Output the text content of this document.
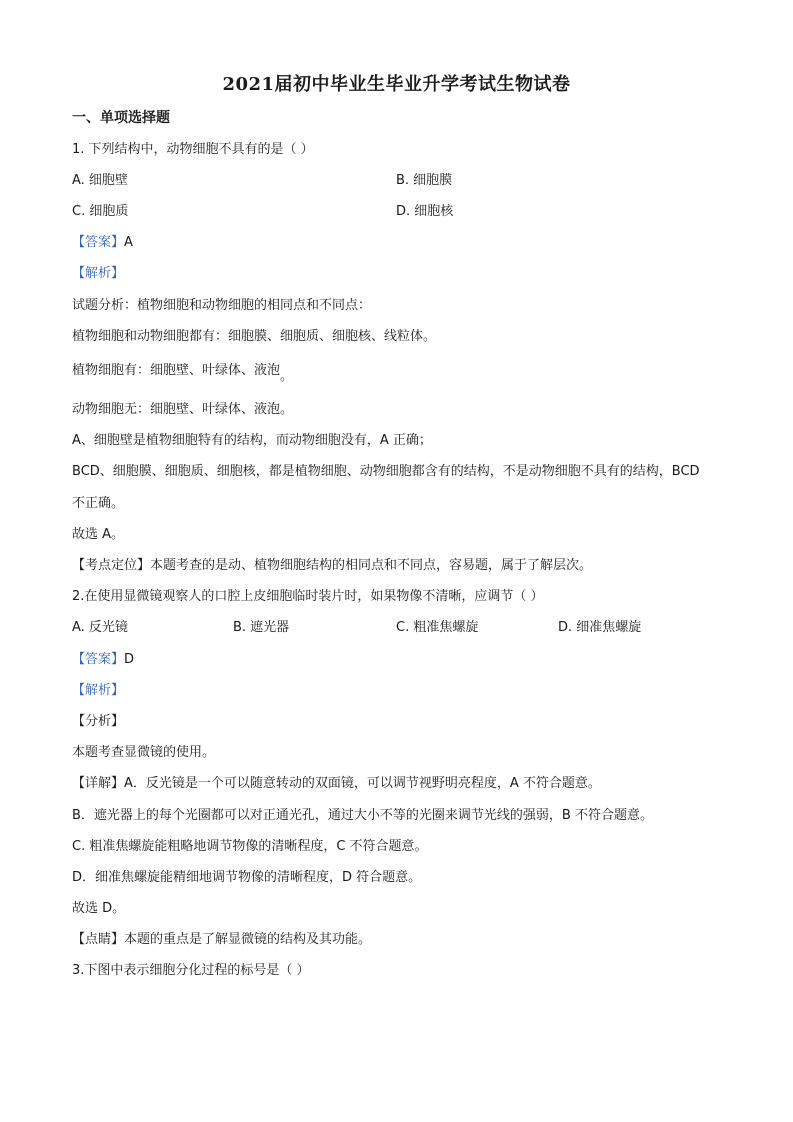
2021届初中毕业生毕业升学考试生物试卷
一、单项选择题
1. 下列结构中，动物细胞不具有的是（ ）
A. 细胞壁	B. 细胞膜
C. 细胞质	D. 细胞核
【答案】A
【解析】
试题分析：植物细胞和动物细胞的相同点和不同点：
植物细胞和动物细胞都有：细胞膜、细胞质、细胞核、线粒体。
植物细胞有：细胞壁、叶绿体、液泡。
动物细胞无：细胞壁、叶绿体、液泡。
A、细胞壁是植物细胞特有的结构，而动物细胞没有，A 正确；
BCD、细胞膜、细胞质、细胞核，都是植物细胞、动物细胞都含有的结构，不是动物细胞不具有的结构，BCD
不正确。
故选 A。
【考点定位】本题考查的是动、植物细胞结构的相同点和不同点，容易题，属于了解层次。
2.在使用显微镜观察人的口腔上皮细胞临时装片时，如果物像不清晰，应调节（ ）
A. 反光镜	B. 遮光器	C. 粗准焦螺旋	D. 细准焦螺旋
【答案】D
【解析】
【分析】
本题考查显微镜的使用。
【详解】A．反光镜是一个可以随意转动的双面镜，可以调节视野明亮程度，A 不符合题意。
B．遮光器上的每个光圈都可以对正通光孔，通过大小不等的光圈来调节光线的强弱，B 不符合题意。
C. 粗准焦螺旋能粗略地调节物像的清晰程度，C 不符合题意。
D．细准焦螺旋能精细地调节物像的清晰程度，D 符合题意。
故选 D。
【点睛】本题的重点是了解显微镜的结构及其功能。
3.下图中表示细胞分化过程的标号是（ ）
